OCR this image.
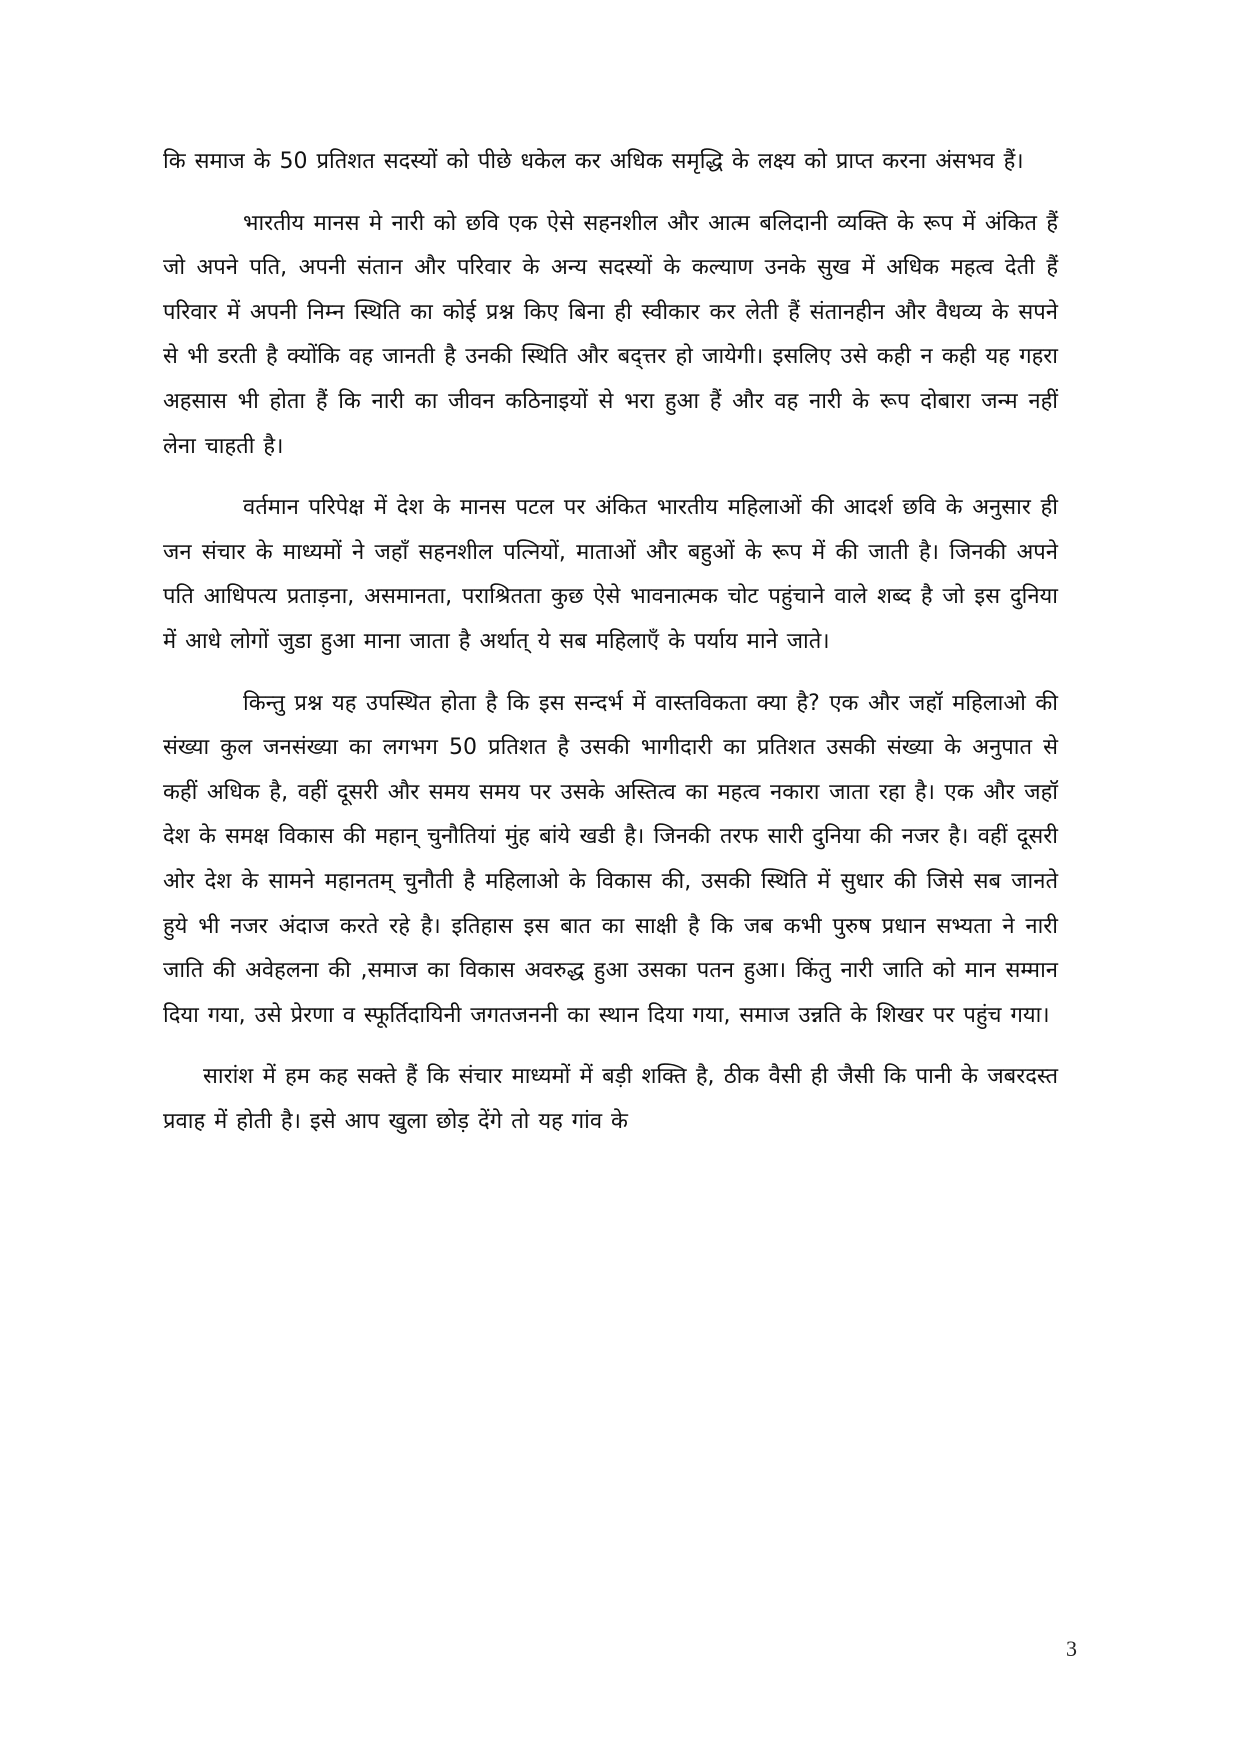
कि समाज के 50 प्रतिशत सदस्यों को पीछे धकेल कर अधिक समृद्धि के लक्ष्य को प्राप्त करना अंसभव हैं।

भारतीय मानस मे नारी को छवि एक ऐसे सहनशील और आत्म बलिदानी व्यक्ति के रूप में अंकित हैं जो अपने पति, अपनी संतान और परिवार के अन्य सदस्यों के कल्याण उनके सुख में अधिक महत्व देती हैं परिवार में अपनी निम्न स्थिति का कोई प्रश्न किए बिना ही स्वीकार कर लेती हैं संतानहीन और वैधव्य के सपने से भी डरती है क्योंकि वह जानती है उनकी स्थिति और बद्त्तर हो जायेगी। इसलिए उसे कही न कही यह गहरा अहसास भी होता हैं कि नारी का जीवन कठिनाइयों से भरा हुआ हैं और वह नारी के रूप दोबारा जन्म नहीं लेना चाहती है।

वर्तमान परिपेक्ष में देश के मानस पटल पर अंकित भारतीय महिलाओं की आदर्श छवि के अनुसार ही जन संचार के माध्यमों ने जहाँ सहनशील पत्नियों, माताओं और बहुओं के रूप में की जाती है। जिनकी अपने पति आधिपत्य प्रताड़ना, असमानता, पराश्रितता कुछ ऐसे भावनात्मक चोट पहुंचाने वाले शब्द है जो इस दुनिया में आधे लोगों जुडा हुआ माना जाता है अर्थात् ये सब महिलाएँ के पर्याय माने जाते।

किन्तु प्रश्न यह उपस्थित होता है कि इस सन्दर्भ में वास्तविकता क्या है? एक और जहॉ महिलाओ की संख्या कुल जनसंख्या का लगभग 50 प्रतिशत है उसकी भागीदारी का प्रतिशत उसकी संख्या के अनुपात से कहीं अधिक है, वहीं दूसरी और समय समय पर उसके अस्तित्व का महत्व नकारा जाता रहा है। एक और जहॉ देश के समक्ष विकास की महान् चुनौतियां मुंह बांये खडी है। जिनकी तरफ सारी दुनिया की नजर है। वहीं दूसरी ओर देश के सामने महानतम् चुनौती है महिलाओ के विकास की, उसकी स्थिति में सुधार की जिसे सब जानते हुये भी नजर अंदाज करते रहे है। इतिहास इस बात का साक्षी है कि जब कभी पुरुष प्रधान सभ्यता ने नारी जाति की अवेहलना की ,समाज का विकास अवरुद्ध हुआ उसका पतन हुआ। किंतु नारी जाति को मान सम्मान दिया गया, उसे प्रेरणा व स्फूर्तिदायिनी जगतजननी का स्थान दिया गया, समाज उन्नति के शिखर पर पहुंच गया।

सारांश में हम कह सक्ते हैं कि संचार माध्यमों में बड़ी शक्ति है, ठीक वैसी ही जैसी कि पानी के जबरदस्त प्रवाह में होती है। इसे आप खुला छोड़ देंगे तो यह गांव के

3
